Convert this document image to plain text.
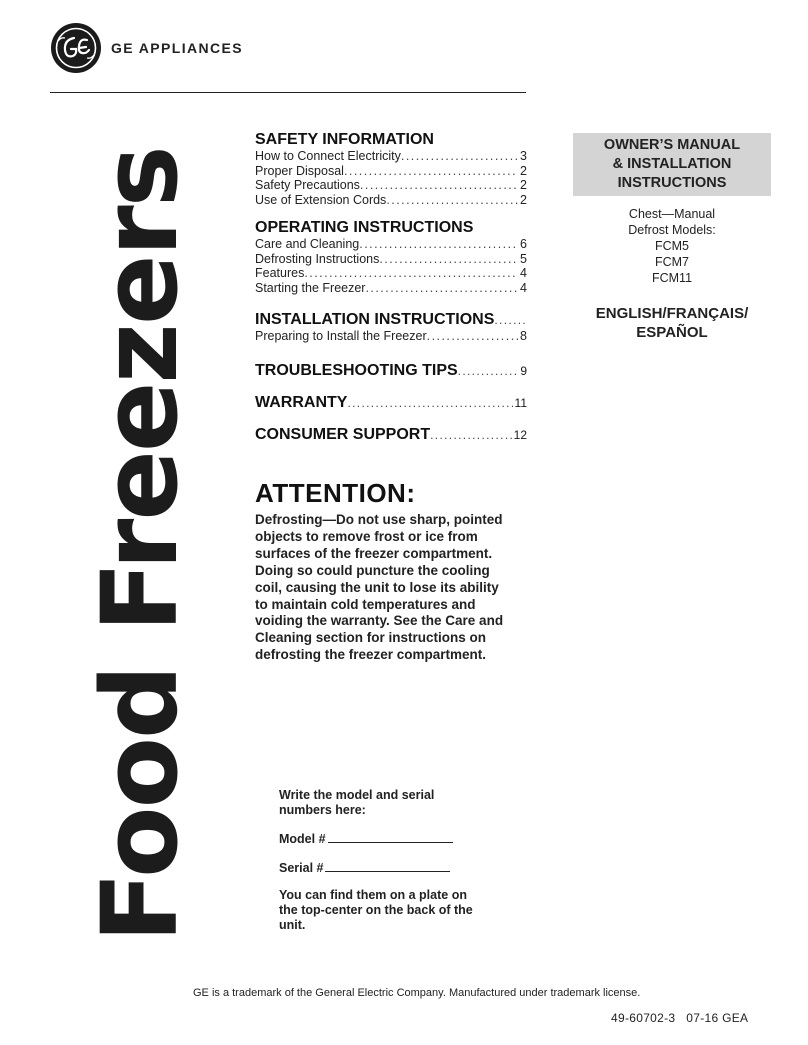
GE APPLIANCES
Food Freezers
SAFETY INFORMATION
How to Connect Electricity . . .	3
Proper Disposal . . .	2
Safety Precautions . . .	2
Use of Extension Cords . . .	2
OPERATING INSTRUCTIONS
Care and Cleaning . . .	6
Defrosting Instructions . . .	5
Features . . .	4
Starting the Freezer . . .	4
INSTALLATION INSTRUCTIONS
. . .
Preparing to Install the Freezer . . .	8
TROUBLESHOOTING TIPS . . .	9
WARRANTY . . .	11
CONSUMER SUPPORT . . .	12
OWNER’S MANUAL
& INSTALLATION
INSTRUCTIONS
Chest—Manual
Defrost Models:
FCM5
FCM7
FCM11
ENGLISH/FRANÇAIS/
ESPAÑOL
ATTENTION:
Defrosting—Do not use sharp, pointed
objects to remove frost or ice from
surfaces of the freezer compartment.
Doing so could puncture the cooling
coil, causing the unit to lose its ability
to maintain cold temperatures and
voiding the warranty. See the Care and
Cleaning section for instructions on
defrosting the freezer compartment.
Write the model and serial
numbers here:
Model #
Serial #
You can find them on a plate on
the top-center on the back of the
unit.
GE is a trademark of the General Electric Company. Manufactured under trademark license.
49-60702-3   07-16 GEA
